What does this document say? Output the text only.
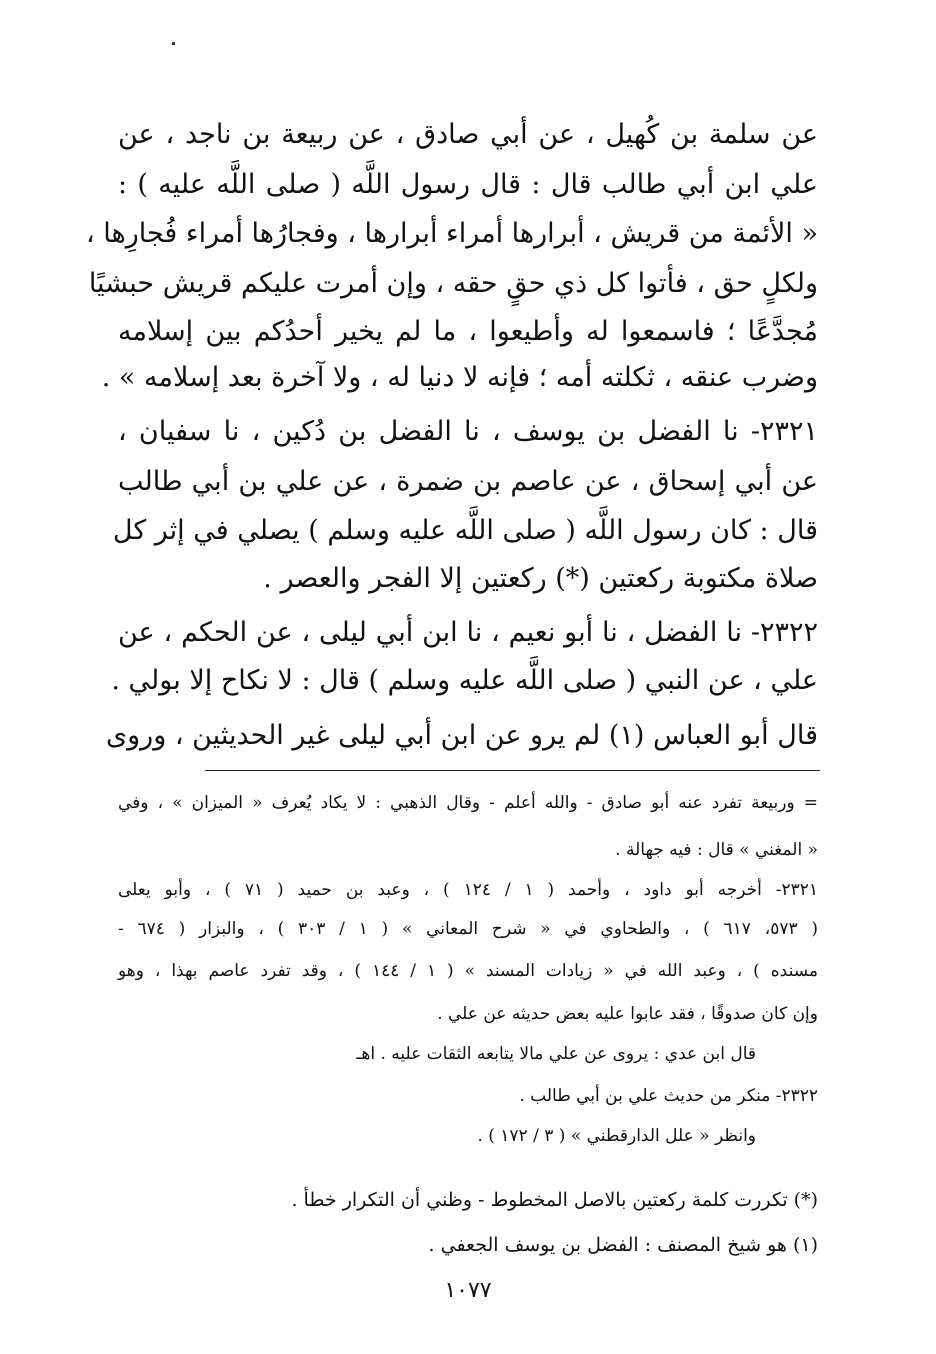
عن سلمة بن كُهيل ، عن أبي صادق ، عن ربيعة بن ناجد ، عن
علي ابن أبي طالب قال : قال رسول اللَّه ( صلى اللَّه عليه ) :
« الأئمة من قريش ، أبرارها أمراء أبرارها ، وفجارُها أمراء فُجارِها ،
ولكلٍ حق ، فأتوا كل ذي حقٍ حقه ، وإن أمرت عليكم قريش حبشيًا
مُجدَّعًا ؛ فاسمعوا له وأطيعوا ، ما لم يخير أحدُكم بين إسلامه
وضرب عنقه ، ثكلته أمه ؛ فإنه لا دنيا له ، ولا آخرة بعد إسلامه » .
٢٣٢١- نا الفضل بن يوسف ، نا الفضل بن دُكين ، نا سفيان ،
عن أبي إسحاق ، عن عاصم بن ضمرة ، عن علي بن أبي طالب
قال : كان رسول اللَّه ( صلى اللَّه عليه وسلم ) يصلي في إثر كل
صلاة مكتوبة ركعتين (*) ركعتين إلا الفجر والعصر .
٢٣٢٢- نا الفضل ، نا أبو نعيم ، نا ابن أبي ليلى ، عن الحكم ، عن
علي ، عن النبي ( صلى اللَّه عليه وسلم ) قال : لا نكاح إلا بولي .
قال أبو العباس (١) لم يرو عن ابن أبي ليلى غير الحديثين ، وروى
= وربيعة تفرد عنه أبو صادق - والله أعلم - وقال الذهبي : لا يكاد يُعرف « الميزان » ، وفي
« المغني » قال : فيه جهالة .
٢٣٢١- أخرجه أبو داود ، وأحمد ( ١ / ١٢٤ ) ، وعبد بن حميد ( ٧١ ) ، وأبو يعلى
( ٥٧٣، ٦١٧ ) ، والطحاوي في « شرح المعاني » ( ١ / ٣٠٣ ) ، والبزار ( ٦٧٤ -
مسنده ) ، وعبد الله في « زيادات المسند » ( ١ / ١٤٤ ) ، وقد تفرد عاصم بهذا ، وهو
وإن كان صدوقًا ، فقد عابوا عليه بعض حديثه عن علي .
قال ابن عدي : يروى عن علي مالا يتابعه الثقات عليه . اهـ
٢٣٢٢- منكر من حديث علي بن أبي طالب .
وانظر « علل الدارقطني » ( ٣ / ١٧٢ ) .
(*) تكررت كلمة ركعتين بالاصل المخطوط - وظني أن التكرار خطأ .
(١) هو شيخ المصنف : الفضل بن يوسف الجعفي .
١٠٧٧
